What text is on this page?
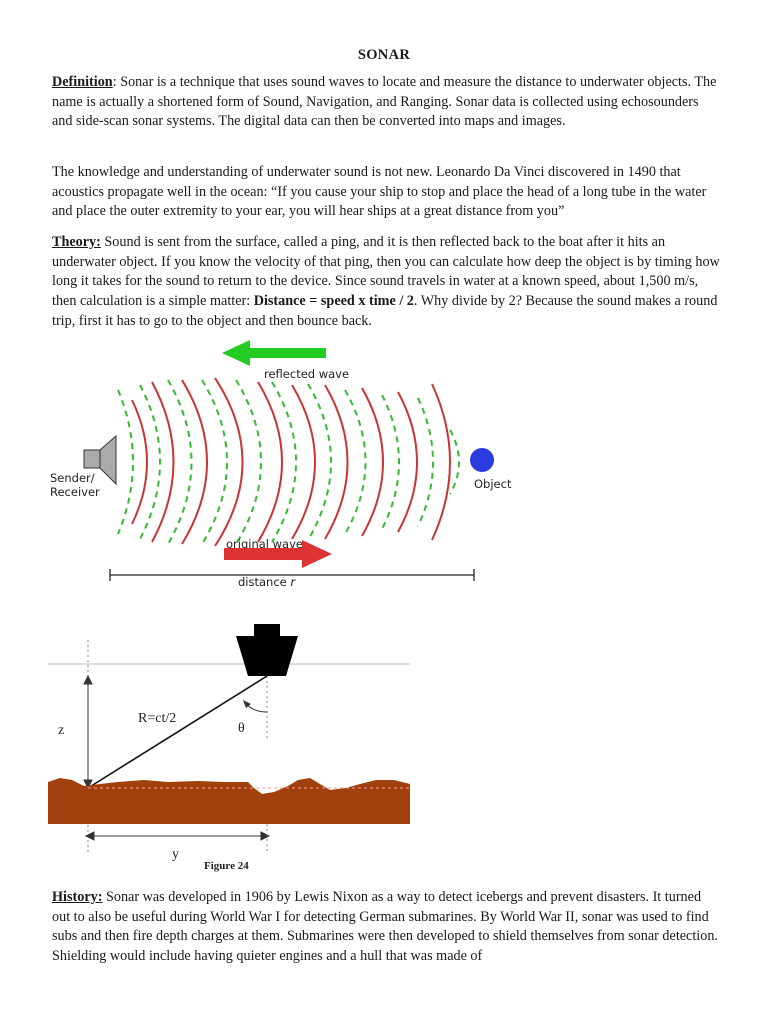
SONAR

Definition: Sonar is a technique that uses sound waves to locate and measure the distance to underwater objects. The name is actually a shortened form of Sound, Navigation, and Ranging. Sonar data is collected using echosounders and side-scan sonar systems. The digital data can then be converted into maps and images.

The knowledge and understanding of underwater sound is not new. Leonardo Da Vinci discovered in 1490 that acoustics propagate well in the ocean: “If you cause your ship to stop and place the head of a long tube in the water and place the outer extremity to your ear, you will hear ships at a great distance from you”

Theory: Sound is sent from the surface, called a ping, and it is then reflected back to the boat after it hits an underwater object. If you know the velocity of that ping, then you can calculate how deep the object is by timing how long it takes for the sound to return to the device. Since sound travels in water at a known speed, about 1,500 m/s, then calculation is a simple matter: Distance = speed x time / 2. Why divide by 2? Because the sound makes a round trip, first it has to go to the object and then bounce back.

reflected wave
Sender/
Receiver
Object
original wave
distance r
z
R=ct/2
θ
y
Figure 24

History: Sonar was developed in 1906 by Lewis Nixon as a way to detect icebergs and prevent disasters. It turned out to also be useful during World War I for detecting German submarines. By World War II, sonar was used to find subs and then fire depth charges at them. Submarines were then developed to shield themselves from sonar detection. Shielding would include having quieter engines and a hull that was made of
